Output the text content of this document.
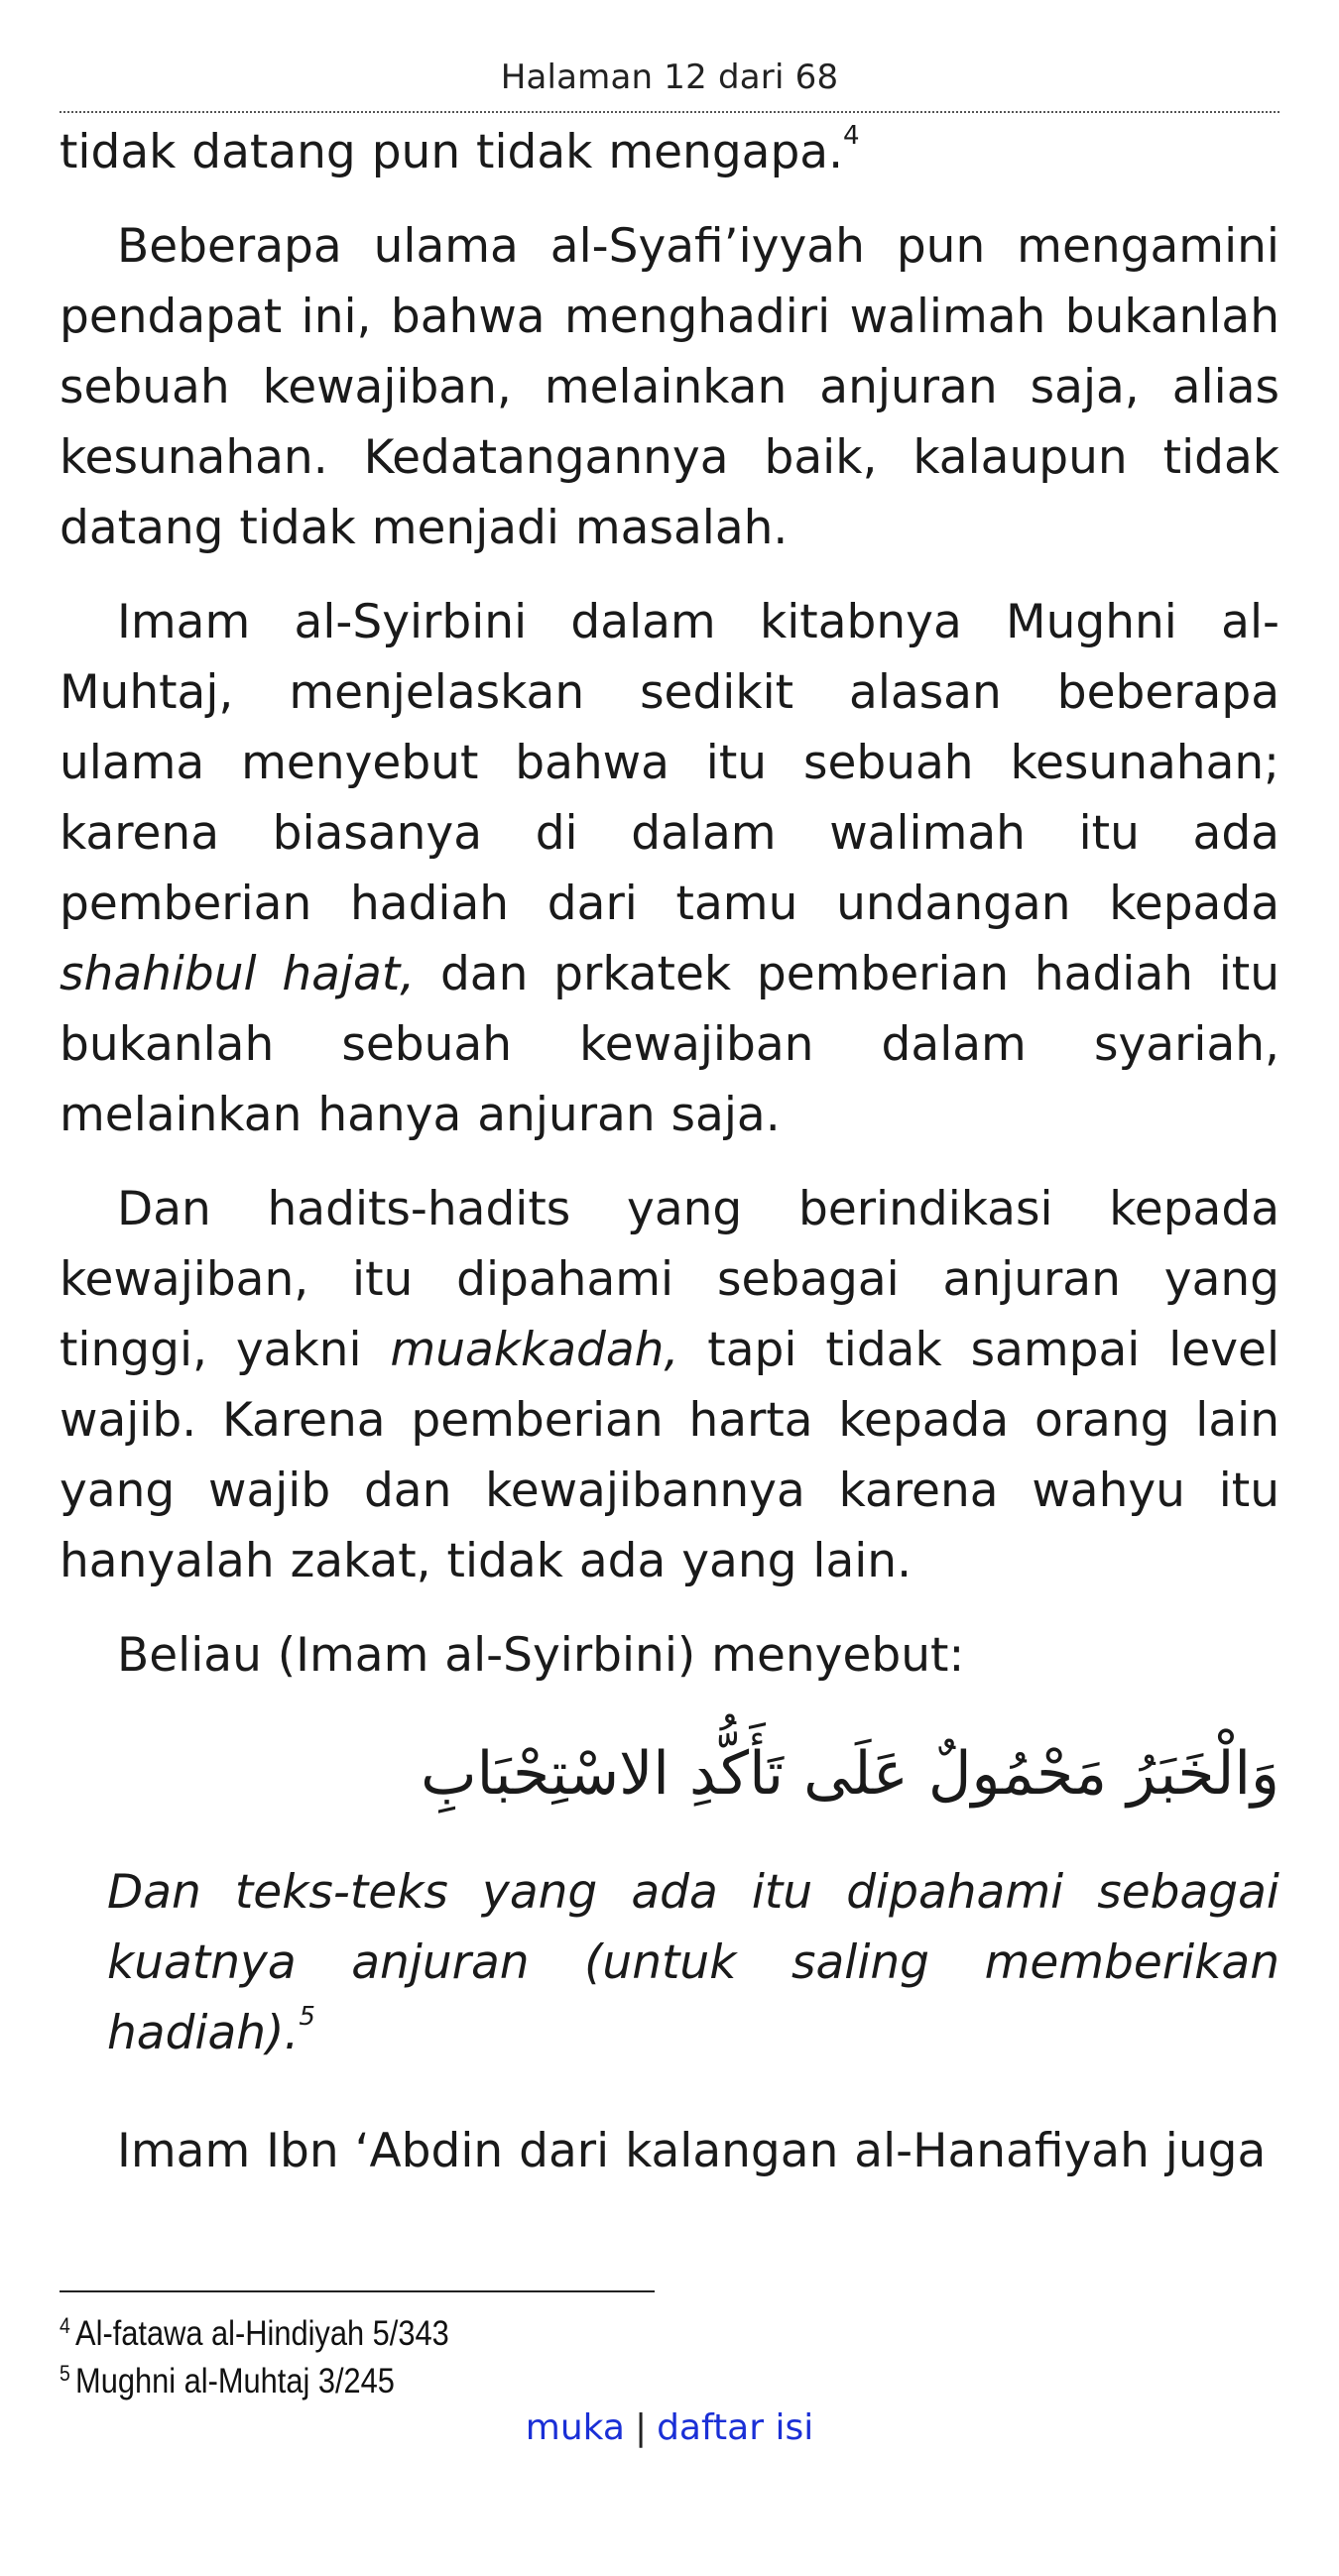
Halaman 12 dari 68

tidak datang pun tidak mengapa.$^4$

Beberapa ulama al-Syafi’iyyah pun mengamini pendapat ini, bahwa menghadiri walimah bukanlah sebuah kewajiban, melainkan anjuran saja, alias kesunahan. Kedatangannya baik, kalaupun tidak datang tidak menjadi masalah.

Imam al-Syirbini dalam kitabnya Mughni al-Muhtaj, menjelaskan sedikit alasan beberapa ulama menyebut bahwa itu sebuah kesunahan; karena biasanya di dalam walimah itu ada pemberian hadiah dari tamu undangan kepada shahibul hajat, dan prkatek pemberian hadiah itu bukanlah sebuah kewajiban dalam syariah, melainkan hanya anjuran saja.

Dan hadits-hadits yang berindikasi kepada kewajiban, itu dipahami sebagai anjuran yang tinggi, yakni muakkadah, tapi tidak sampai level wajib. Karena pemberian harta kepada orang lain yang wajib dan kewajibannya karena wahyu itu hanyalah zakat, tidak ada yang lain.

Beliau (Imam al-Syirbini) menyebut:

وَالْخَبَرُ مَحْمُولٌ عَلَى تَأَكُّدِ الاسْتِحْبَابِ

Dan teks-teks yang ada itu dipahami sebagai kuatnya anjuran (untuk saling memberikan hadiah).$^5$

Imam Ibn ‘Abdin dari kalangan al-Hanafiyah juga

$^4$ Al-fatawa al-Hindiyah 5/343
$^5$ Mughni al-Muhtaj 3/245
muka | daftar isi
